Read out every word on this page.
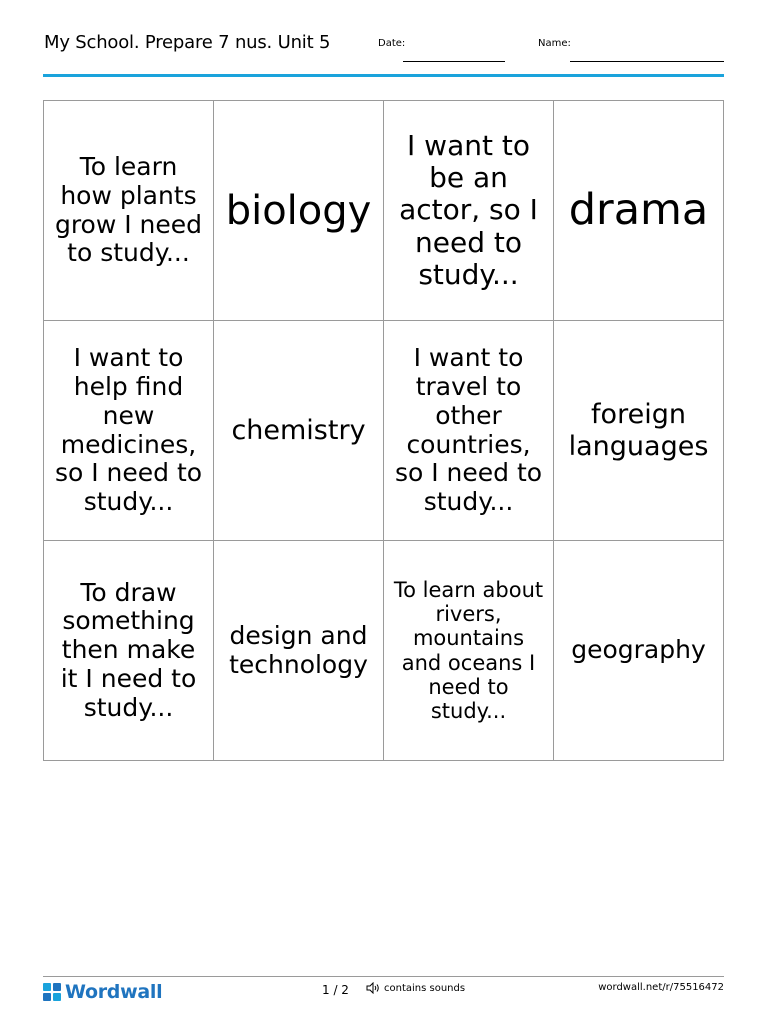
My School. Prepare 7 nus. Unit 5	Date:	Name:
To learn how plants grow I need to study...	biology	I want to be an actor, so I need to study...	drama
I want to help find new medicines, so I need to study...	chemistry	I want to travel to other countries, so I need to study...	foreign languages
To draw something then make it I need to study...	design and technology	To learn about rivers, mountains and oceans I need to study...	geography
Wordwall	1 / 2	contains sounds	wordwall.net/r/75516472
